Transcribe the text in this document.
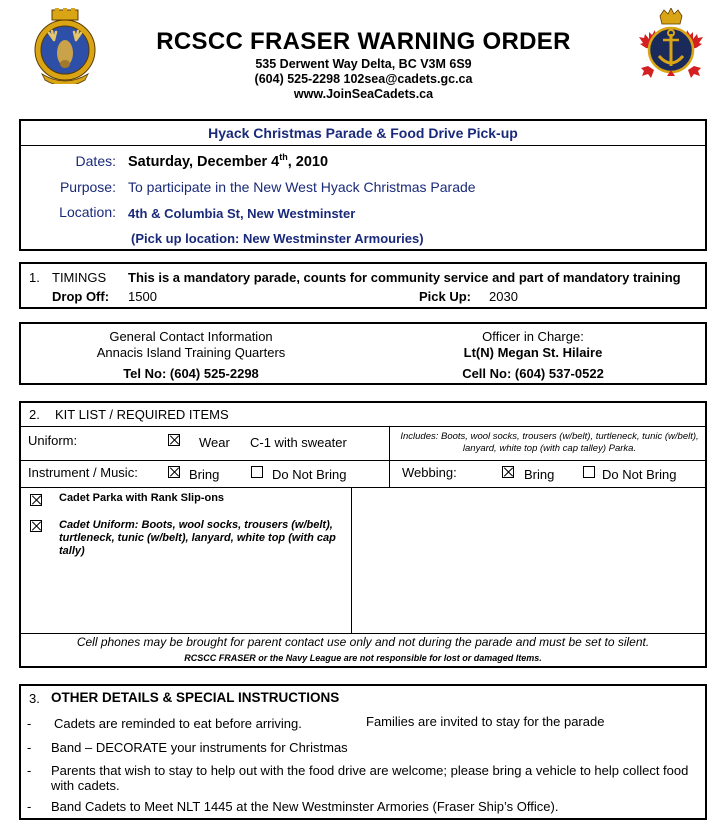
RCSCC FRASER WARNING ORDER
535 Derwent Way Delta, BC V3M 6S9
(604) 525-2298 102sea@cadets.gc.ca
www.JoinSeaCadets.ca
Hyack Christmas Parade & Food Drive Pick-up
Dates: Saturday, December 4th, 2010
Purpose: To participate in the New West Hyack Christmas Parade
Location: 4th & Columbia St, New Westminster
(Pick up location: New Westminster Armouries)
1. TIMINGS This is a mandatory parade, counts for community service and part of mandatory training
Drop Off: 1500	Pick Up: 2030
General Contact Information
Annacis Island Training Quarters
Tel No: (604) 525-2298
Officer in Charge:
Lt(N) Megan St. Hilaire
Cell No: (604) 537-0522
2. KIT LIST / REQUIRED ITEMS
Uniform:	Wear C-1 with sweater	Includes: Boots, wool socks, trousers (w/belt), turtleneck, tunic (w/belt), lanyard, white top (with cap talley) Parka.
Instrument / Music:	Bring	Do Not Bring	Webbing:	Bring	Do Not Bring
Cadet Parka with Rank Slip-ons
Cadet Uniform: Boots, wool socks, trousers (w/belt), turtleneck, tunic (w/belt), lanyard, white top (with cap tally)
Cell phones may be brought for parent contact use only and not during the parade and must be set to silent.
RCSCC FRASER or the Navy League are not responsible for lost or damaged Items.
3. OTHER DETAILS & SPECIAL INSTRUCTIONS
- Cadets are reminded to eat before arriving.	Families are invited to stay for the parade
- Band – DECORATE your instruments for Christmas
- Parents that wish to stay to help out with the food drive are welcome; please bring a vehicle to help collect food with cadets.
- Band Cadets to Meet NLT 1445 at the New Westminster Armories (Fraser Ship’s Office).
